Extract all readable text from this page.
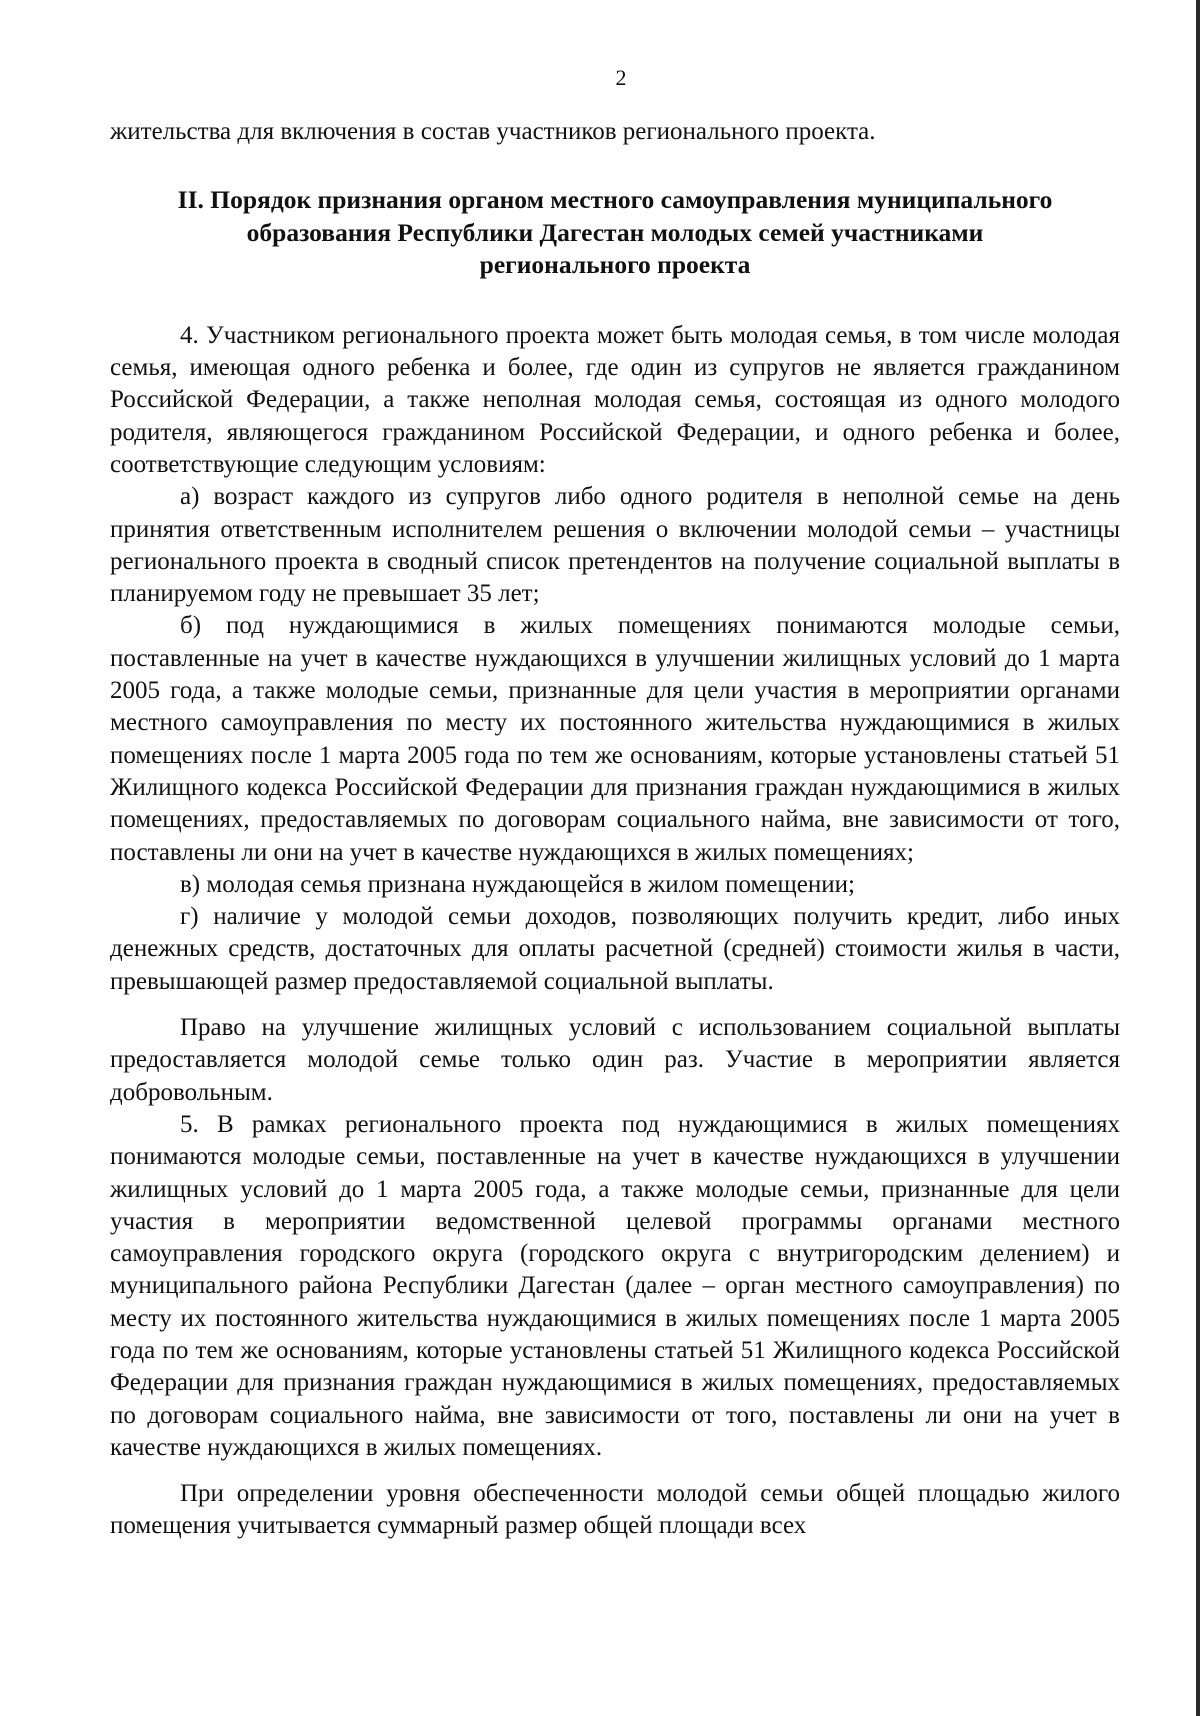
2

жительства для включения в состав участников регионального проекта.

II. Порядок признания органом местного самоуправления муниципального образования Республики Дагестан молодых семей участниками регионального проекта

4. Участником регионального проекта может быть молодая семья, в том числе молодая семья, имеющая одного ребенка и более, где один из супругов не является гражданином Российской Федерации, а также неполная молодая семья, состоящая из одного молодого родителя, являющегося гражданином Российской Федерации, и одного ребенка и более, соответствующие следующим условиям:

а) возраст каждого из супругов либо одного родителя в неполной семье на день принятия ответственным исполнителем решения о включении молодой семьи – участницы регионального проекта в сводный список претендентов на получение социальной выплаты в планируемом году не превышает 35 лет;

б) под нуждающимися в жилых помещениях понимаются молодые семьи, поставленные на учет в качестве нуждающихся в улучшении жилищных условий до 1 марта 2005 года, а также молодые семьи, признанные для цели участия в мероприятии органами местного самоуправления по месту их постоянного жительства нуждающимися в жилых помещениях после 1 марта 2005 года по тем же основаниям, которые установлены статьей 51 Жилищного кодекса Российской Федерации для признания граждан нуждающимися в жилых помещениях, предоставляемых по договорам социального найма, вне зависимости от того, поставлены ли они на учет в качестве нуждающихся в жилых помещениях;

в) молодая семья признана нуждающейся в жилом помещении;

г) наличие у молодой семьи доходов, позволяющих получить кредит, либо иных денежных средств, достаточных для оплаты расчетной (средней) стоимости жилья в части, превышающей размер предоставляемой социальной выплаты.

Право на улучшение жилищных условий с использованием социальной выплаты предоставляется молодой семье только один раз. Участие в мероприятии является добровольным.

5. В рамках регионального проекта под нуждающимися в жилых помещениях понимаются молодые семьи, поставленные на учет в качестве нуждающихся в улучшении жилищных условий до 1 марта 2005 года, а также молодые семьи, признанные для цели участия в мероприятии ведомственной целевой программы органами местного самоуправления городского округа (городского округа с внутригородским делением) и муниципального района Республики Дагестан (далее – орган местного самоуправления) по месту их постоянного жительства нуждающимися в жилых помещениях после 1 марта 2005 года по тем же основаниям, которые установлены статьей 51 Жилищного кодекса Российской Федерации для признания граждан нуждающимися в жилых помещениях, предоставляемых по договорам социального найма, вне зависимости от того, поставлены ли они на учет в качестве нуждающихся в жилых помещениях.

При определении уровня обеспеченности молодой семьи общей площадью жилого помещения учитывается суммарный размер общей площади всех
